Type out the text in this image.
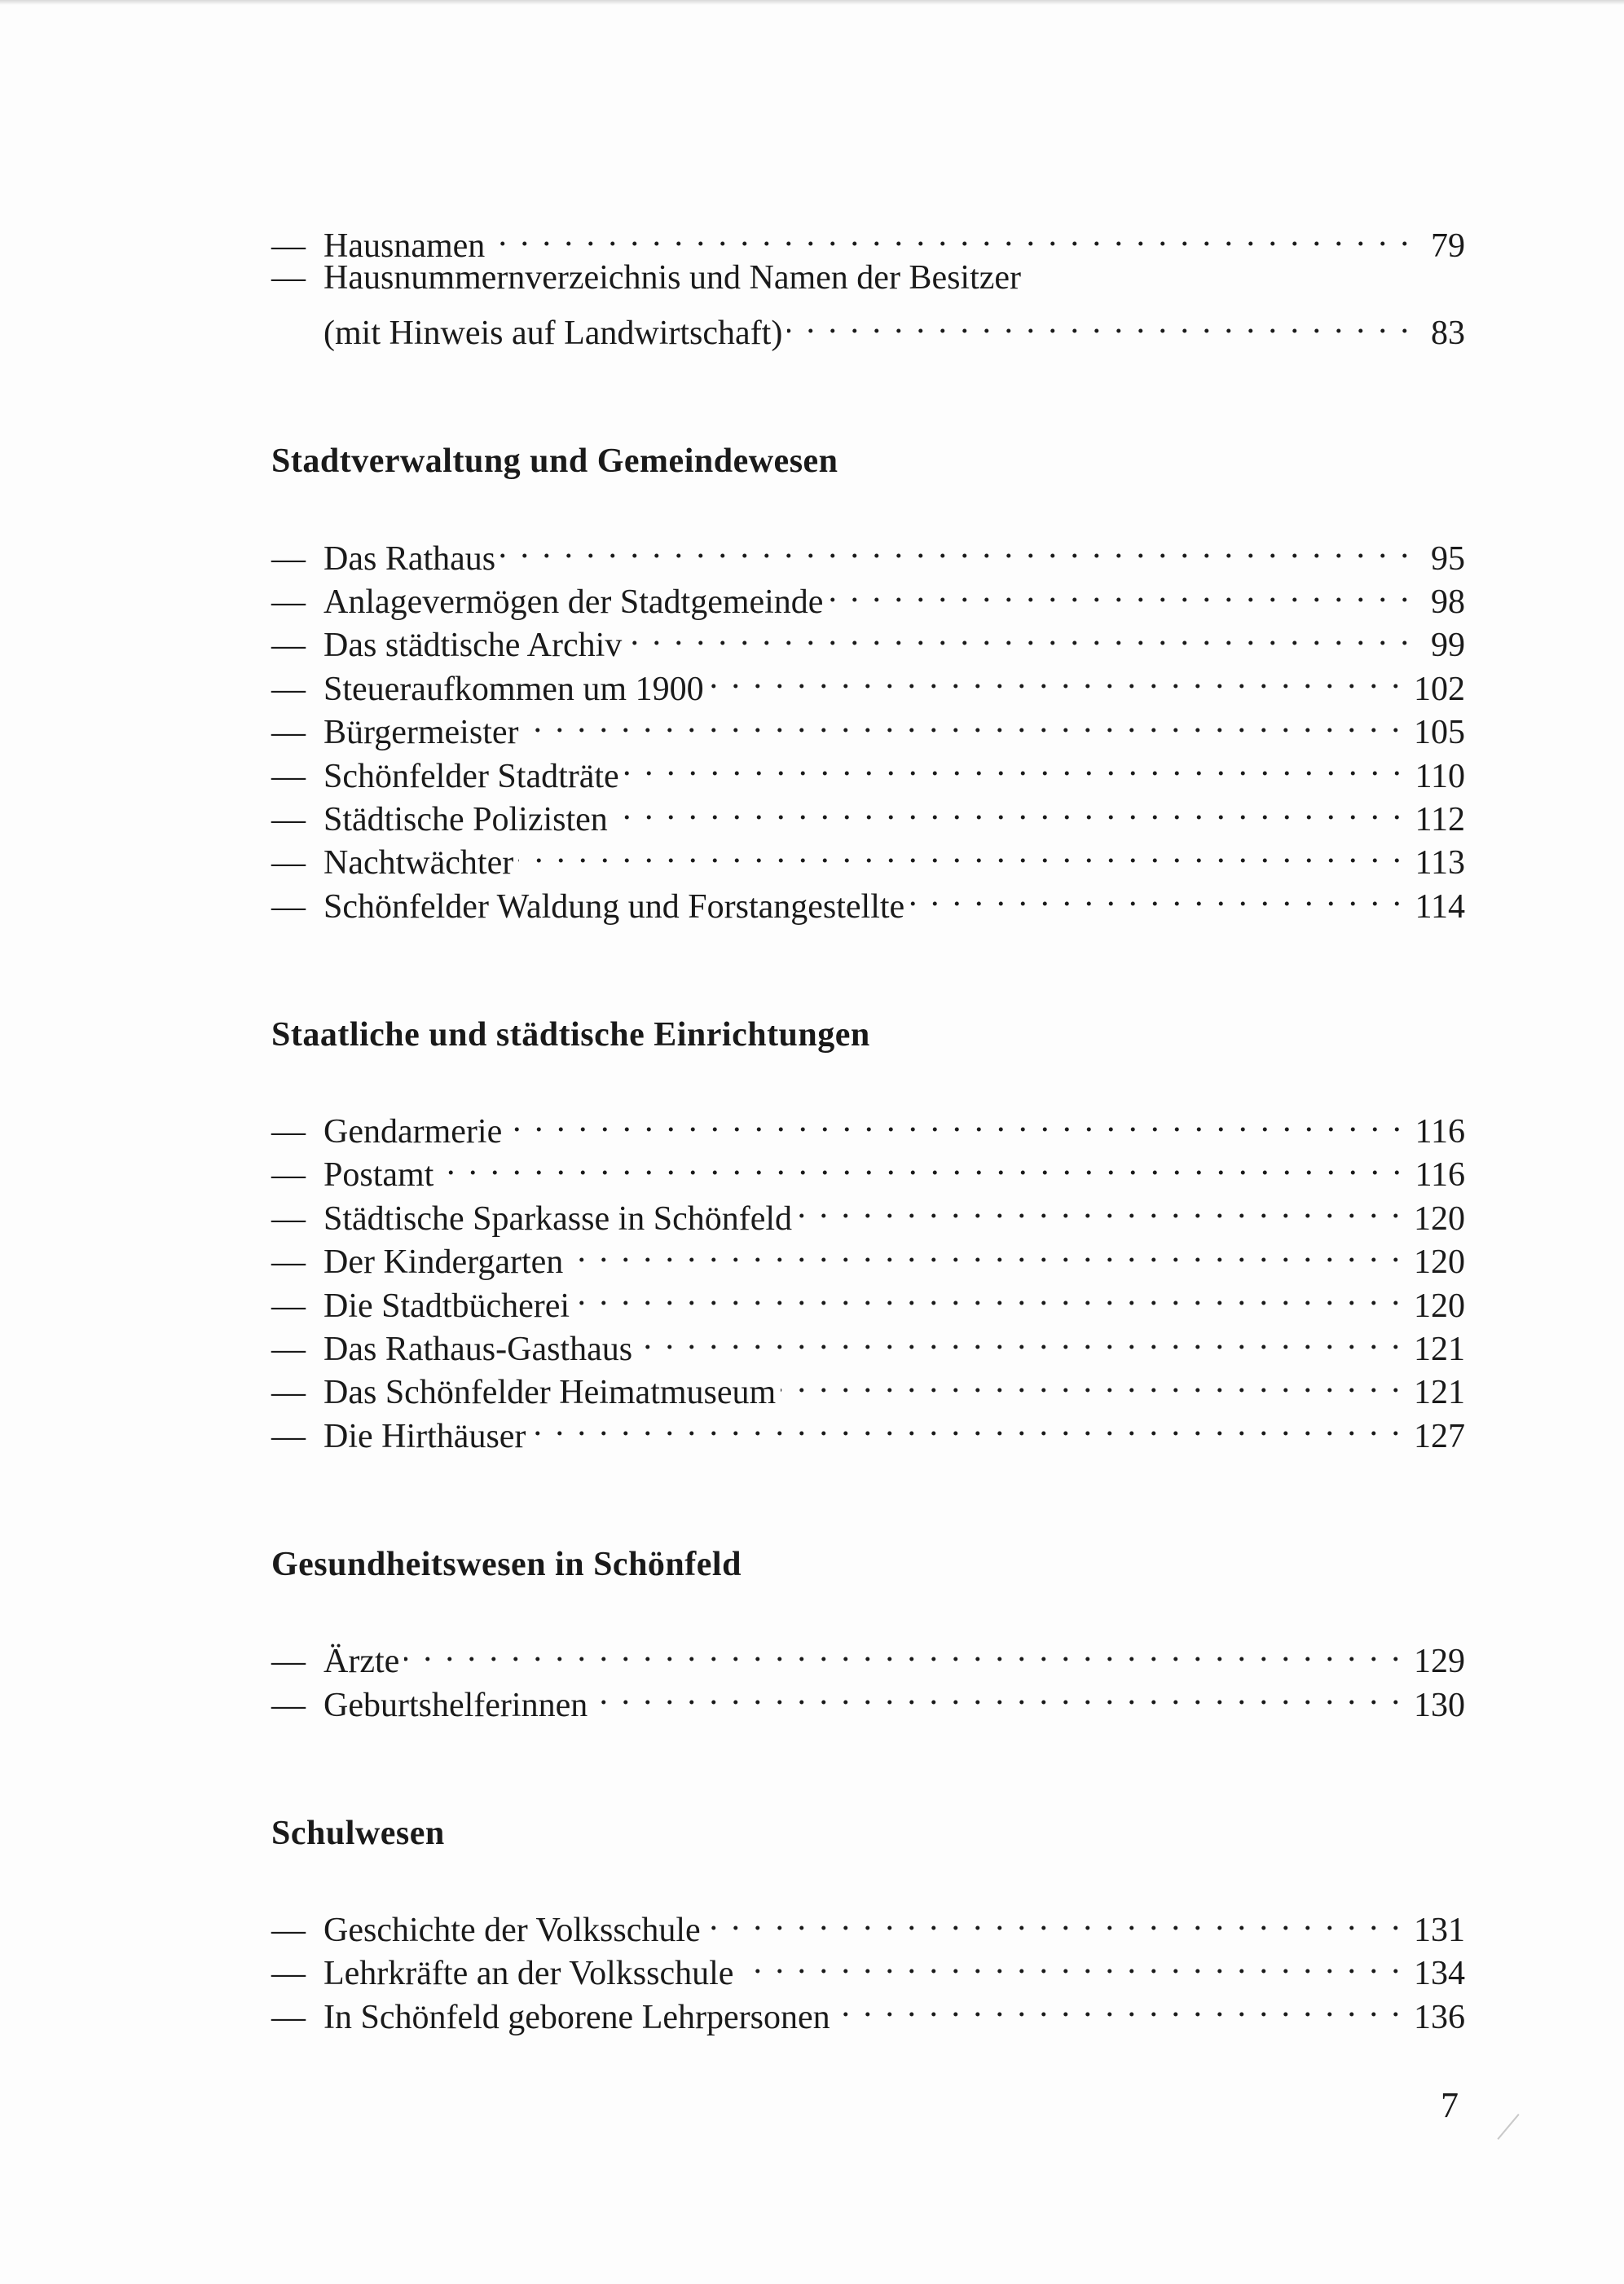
— Hausnamen . . .	79
— Hausnummernverzeichnis und Namen der Besitzer
(mit Hinweis auf Landwirtschaft) . . .	83
Stadtverwaltung und Gemeindewesen
— Das Rathaus . . .	95
— Anlagevermögen der Stadtgemeinde . . .	98
— Das städtische Archiv . . .	99
— Steueraufkommen um 1900 . . .	102
— Bürgermeister . . .	105
— Schönfelder Stadträte . . .	110
— Städtische Polizisten . . .	112
— Nachtwächter . . .	113
— Schönfelder Waldung und Forstangestellte . . .	114
Staatliche und städtische Einrichtungen
— Gendarmerie . . .	116
— Postamt . . .	116
— Städtische Sparkasse in Schönfeld . . .	120
— Der Kindergarten . . .	120
— Die Stadtbücherei . . .	120
— Das Rathaus-Gasthaus . . .	121
— Das Schönfelder Heimatmuseum . . .	121
— Die Hirthäuser . . .	127
Gesundheitswesen in Schönfeld
— Ärzte . . .	129
— Geburtshelferinnen . . .	130
Schulwesen
— Geschichte der Volksschule . . .	131
— Lehrkräfte an der Volksschule . . .	134
— In Schönfeld geborene Lehrpersonen . . .	136
7
